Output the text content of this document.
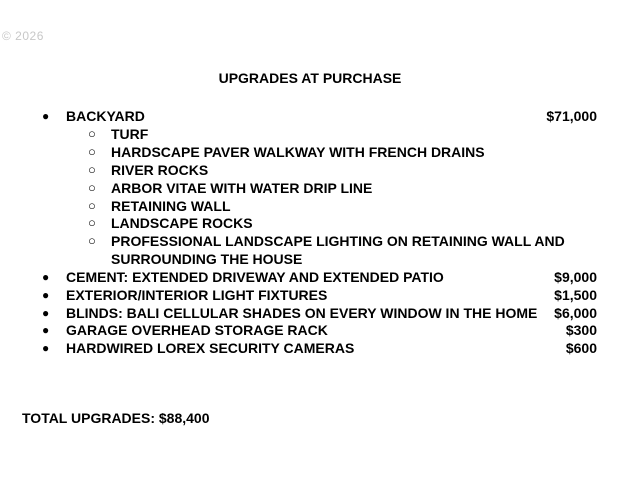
© 2026
UPGRADES AT PURCHASE
● BACKYARD	$71,000
○ TURF
○ HARDSCAPE PAVER WALKWAY WITH FRENCH DRAINS
○ RIVER ROCKS
○ ARBOR VITAE WITH WATER DRIP LINE
○ RETAINING WALL
○ LANDSCAPE ROCKS
○ PROFESSIONAL LANDSCAPE LIGHTING ON RETAINING WALL AND
SURROUNDING THE HOUSE
● CEMENT: EXTENDED DRIVEWAY AND EXTENDED PATIO	$9,000
● EXTERIOR/INTERIOR LIGHT FIXTURES	$1,500
● BLINDS: BALI CELLULAR SHADES ON EVERY WINDOW IN THE HOME $6,000
● GARAGE OVERHEAD STORAGE RACK	$300
● HARDWIRED LOREX SECURITY CAMERAS	$600
TOTAL UPGRADES: $88,400
